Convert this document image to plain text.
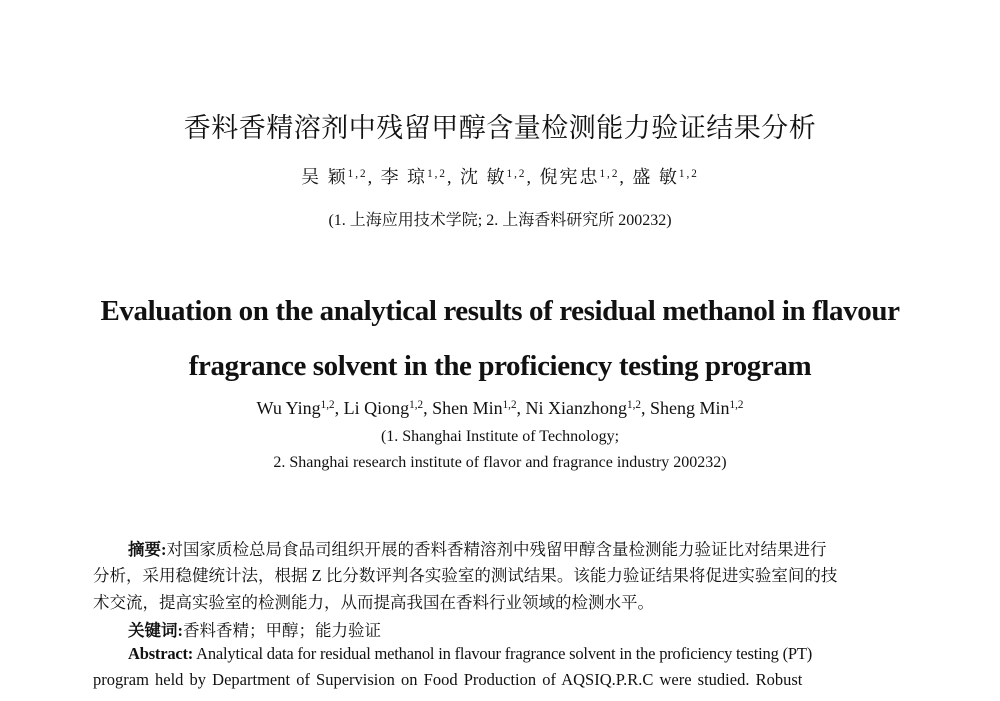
香料香精溶剂中残留甲醇含量检测能力验证结果分析
吴 颖$^{1,2}$, 李 琼$^{1,2}$, 沈 敏$^{1,2}$, 倪宪忠$^{1,2}$, 盛 敏$^{1,2}$
(1. 上海应用技术学院; 2. 上海香料研究所 200232)
Evaluation on the analytical results of residual methanol in flavour
fragrance solvent in the proficiency testing program
Wu Ying$^{1,2}$, Li Qiong$^{1,2}$, Shen Min$^{1,2}$, Ni Xianzhong$^{1,2}$, Sheng Min$^{1,2}$
(1. Shanghai Institute of Technology;
2. Shanghai research institute of flavor and fragrance industry 200232)
摘要:对国家质检总局食品司组织开展的香料香精溶剂中残留甲醇含量检测能力验证比对结果进行
分析，采用稳健统计法，根据 Z 比分数评判各实验室的测试结果。该能力验证结果将促进实验室间的技
术交流，提高实验室的检测能力，从而提高我国在香料行业领域的检测水平。
关键词:香料香精；甲醇；能力验证
Abstract: Analytical data for residual methanol in flavour fragrance solvent in the proficiency testing (PT)
program held by Department of Supervision on Food Production of AQSIQ.P.R.C were studied. Robust
